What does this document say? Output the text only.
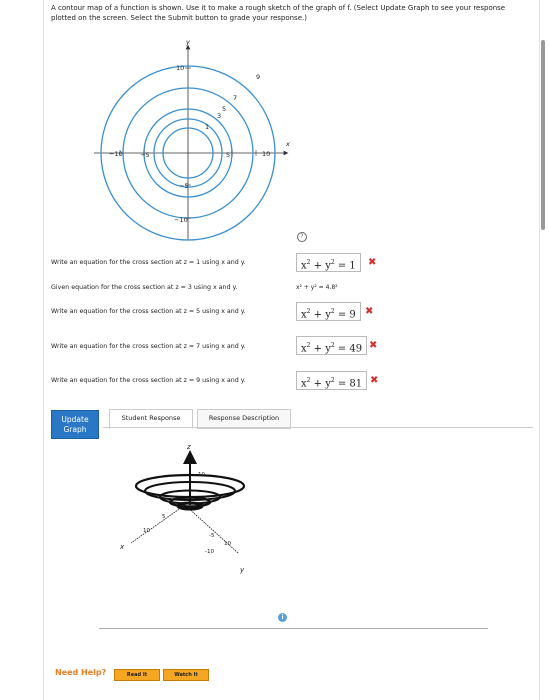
A contour map of a function is shown. Use it to make a rough sketch of the graph of f. (Select Update Graph to see your response plotted on the screen. Select the Submit button to grade your response.)
x
y
10
−10
−10	10
−5	5
−5
1
3
5
7
9
?
Write an equation for the cross section at z = 1 using x and y.	$x^2 + y^2 = 1$	✖
Given equation for the cross section at z = 3 using x and y.	x² + y² = 4.8²
Write an equation for the cross section at z = 5 using x and y.	$x^2 + y^2 = 9$ ✖
Write an equation for the cross section at z = 7 using x and y.	$x^2 + y^2 = 49$ ✖
Write an equation for the cross section at z = 9 using x and y.	$x^2 + y^2 = 81$ ✖
Update Graph
Student Response	Response Description
z
x
y
10
10
5
-5
-10
10
i
Need Help?	Read It	Watch It
